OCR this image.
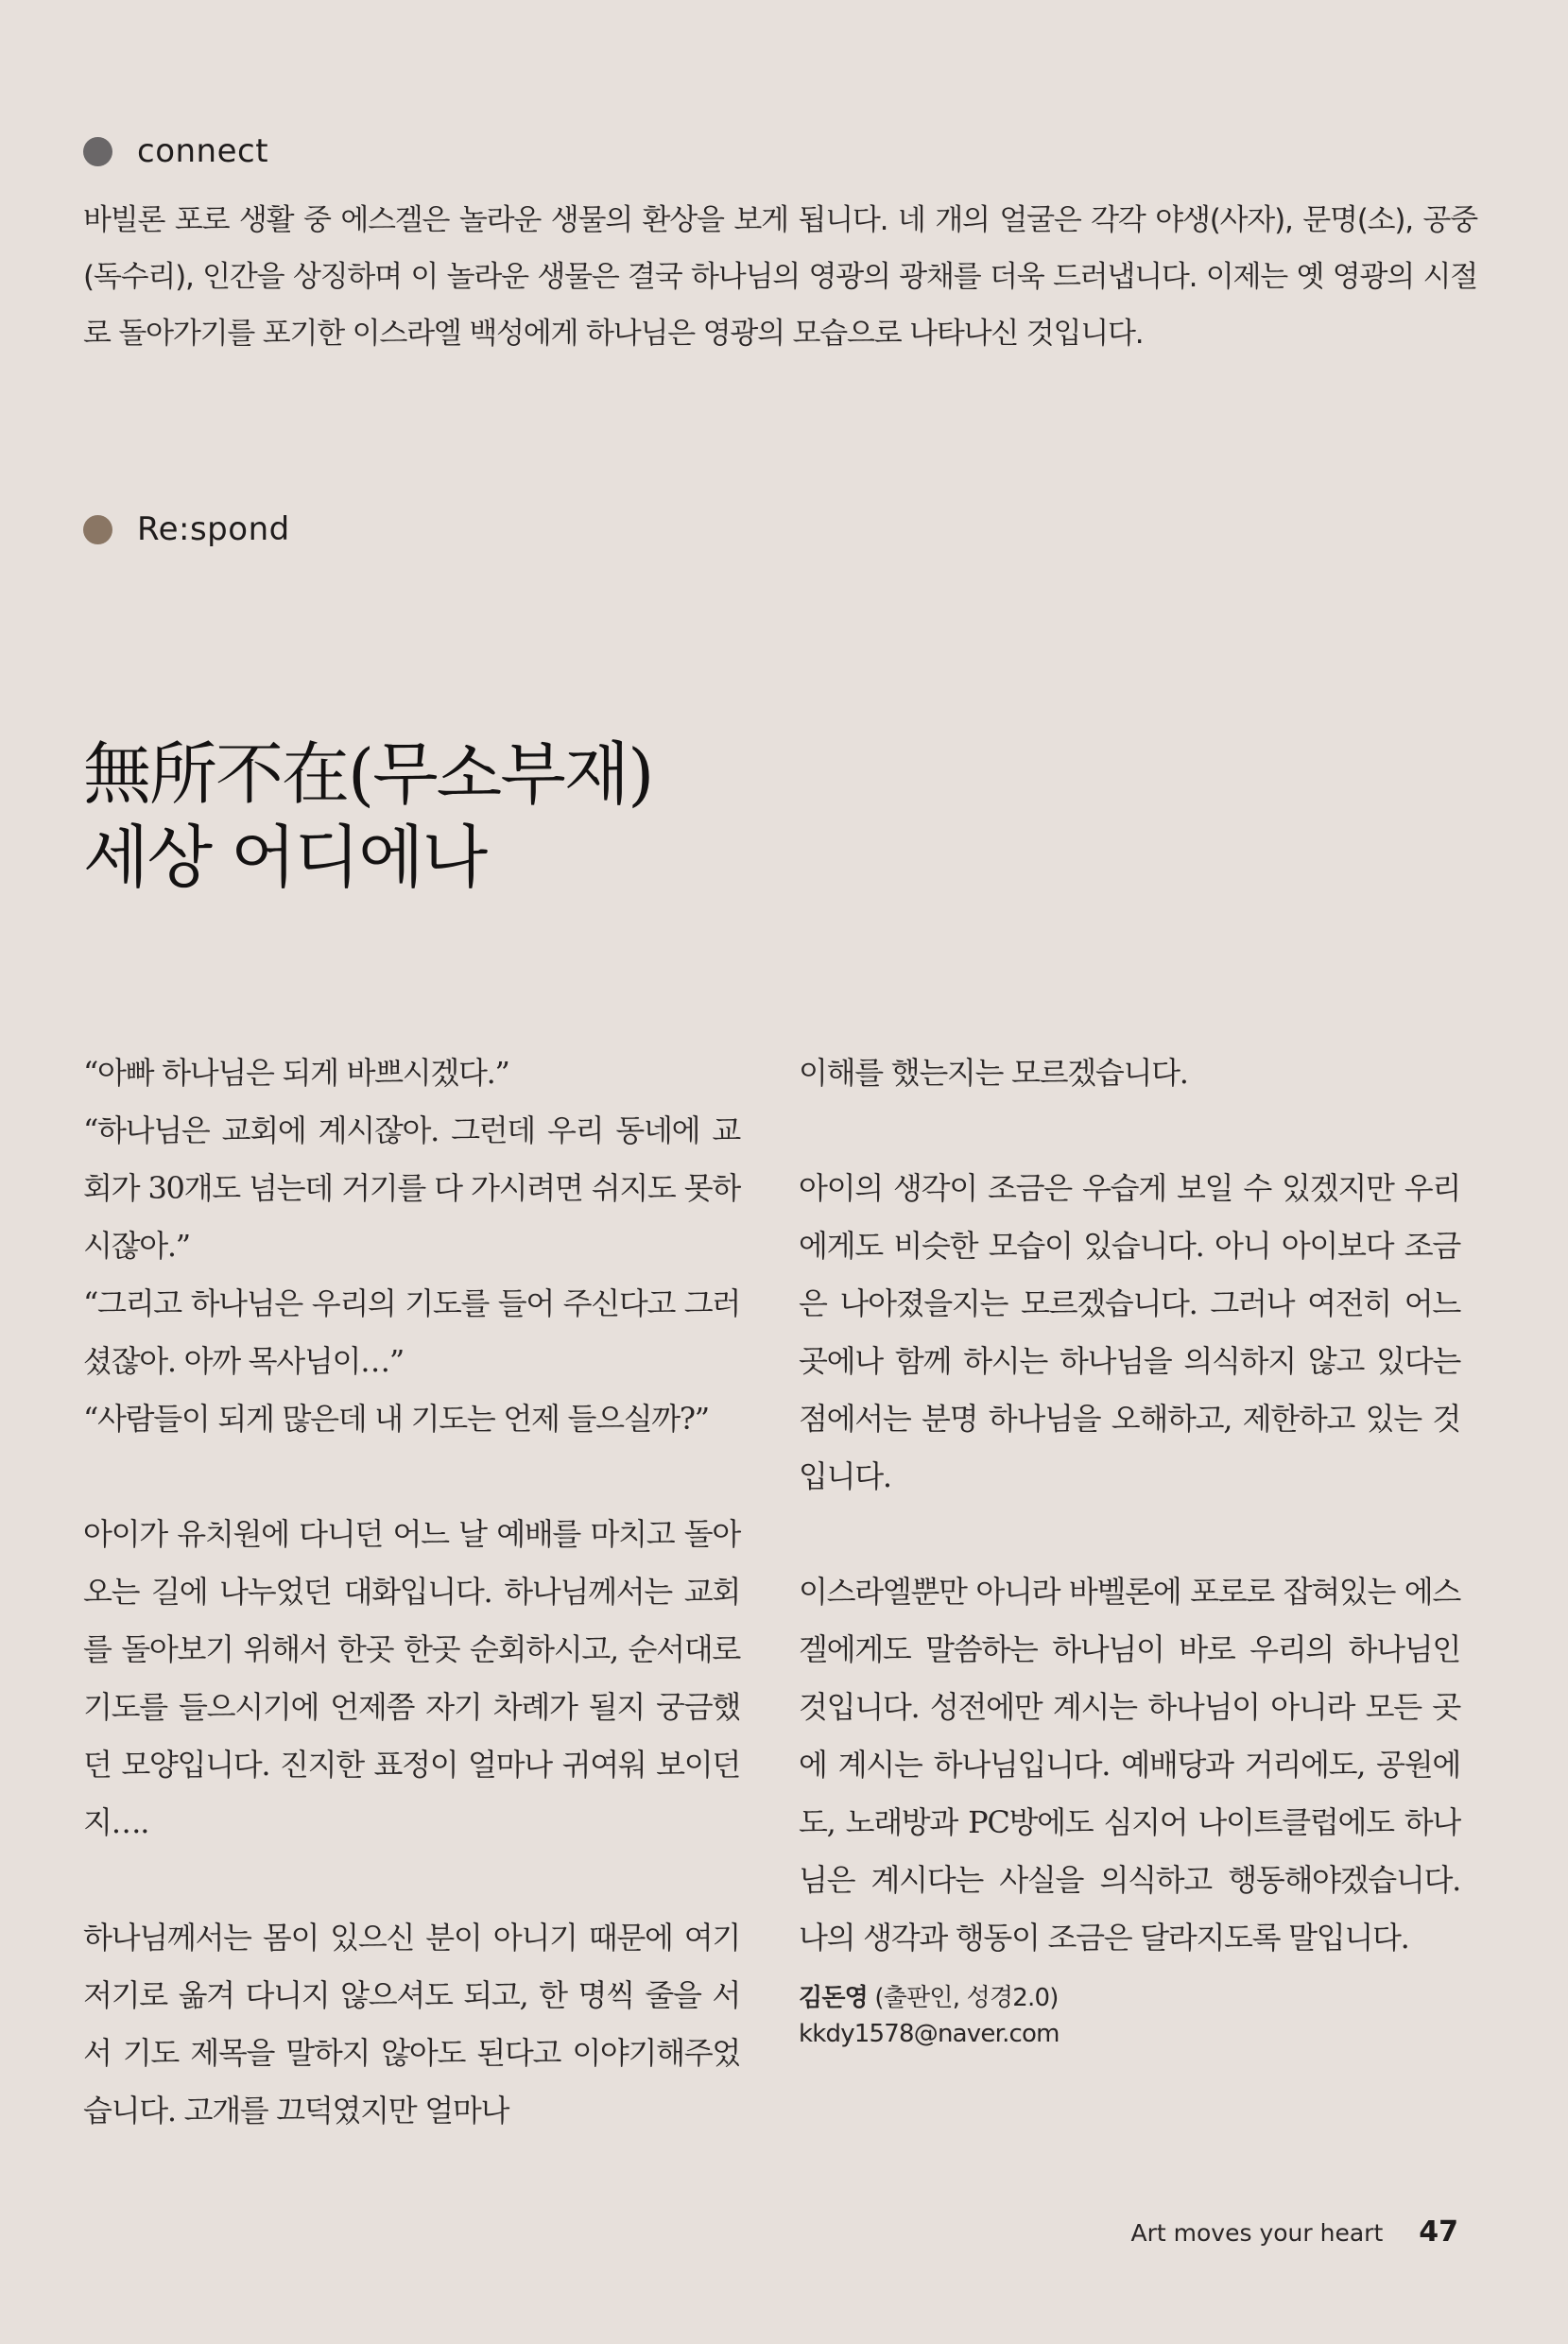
connect

바빌론 포로 생활 중 에스겔은 놀라운 생물의 환상을 보게 됩니다. 네 개의 얼굴은 각각 야생(사자), 문명(소), 공중(독수리), 인간을 상징하며 이 놀라운 생물은 결국 하나님의 영광의 광채를 더욱 드러냅니다. 이제는 옛 영광의 시절로 돌아가기를 포기한 이스라엘 백성에게 하나님은 영광의 모습으로 나타나신 것입니다.

Re:spond
無所不在(무소부재)
세상 어디에나

“아빠 하나님은 되게 바쁘시겠다.”

“하나님은 교회에 계시잖아. 그런데 우리 동네에 교회가 30개도 넘는데 거기를 다 가시려면 쉬지도 못하시잖아.”

“그리고 하나님은 우리의 기도를 들어 주신다고 그러셨잖아. 아까 목사님이…”

“사람들이 되게 많은데 내 기도는 언제 들으실까?”

아이가 유치원에 다니던 어느 날 예배를 마치고 돌아오는 길에 나누었던 대화입니다. 하나님께서는 교회를 돌아보기 위해서 한곳 한곳 순회하시고, 순서대로 기도를 들으시기에 언제쯤 자기 차례가 될지 궁금했던 모양입니다. 진지한 표정이 얼마나 귀여워 보이던지….

하나님께서는 몸이 있으신 분이 아니기 때문에 여기저기로 옮겨 다니지 않으셔도 되고, 한 명씩 줄을 서서 기도 제목을 말하지 않아도 된다고 이야기해주었습니다. 고개를 끄덕였지만 얼마나

이해를 했는지는 모르겠습니다.

아이의 생각이 조금은 우습게 보일 수 있겠지만 우리에게도 비슷한 모습이 있습니다. 아니 아이보다 조금은 나아졌을지는 모르겠습니다. 그러나 여전히 어느 곳에나 함께 하시는 하나님을 의식하지 않고 있다는 점에서는 분명 하나님을 오해하고, 제한하고 있는 것입니다.

이스라엘뿐만 아니라 바벨론에 포로로 잡혀있는 에스겔에게도 말씀하는 하나님이 바로 우리의 하나님인 것입니다. 성전에만 계시는 하나님이 아니라 모든 곳에 계시는 하나님입니다. 예배당과 거리에도, 공원에도, 노래방과 PC방에도 심지어 나이트클럽에도 하나님은 계시다는 사실을 의식하고 행동해야겠습니다. 나의 생각과 행동이 조금은 달라지도록 말입니다.

김돈영 (출판인, 성경2.0)
kkdy1578@naver.com
Art moves your heart 47
